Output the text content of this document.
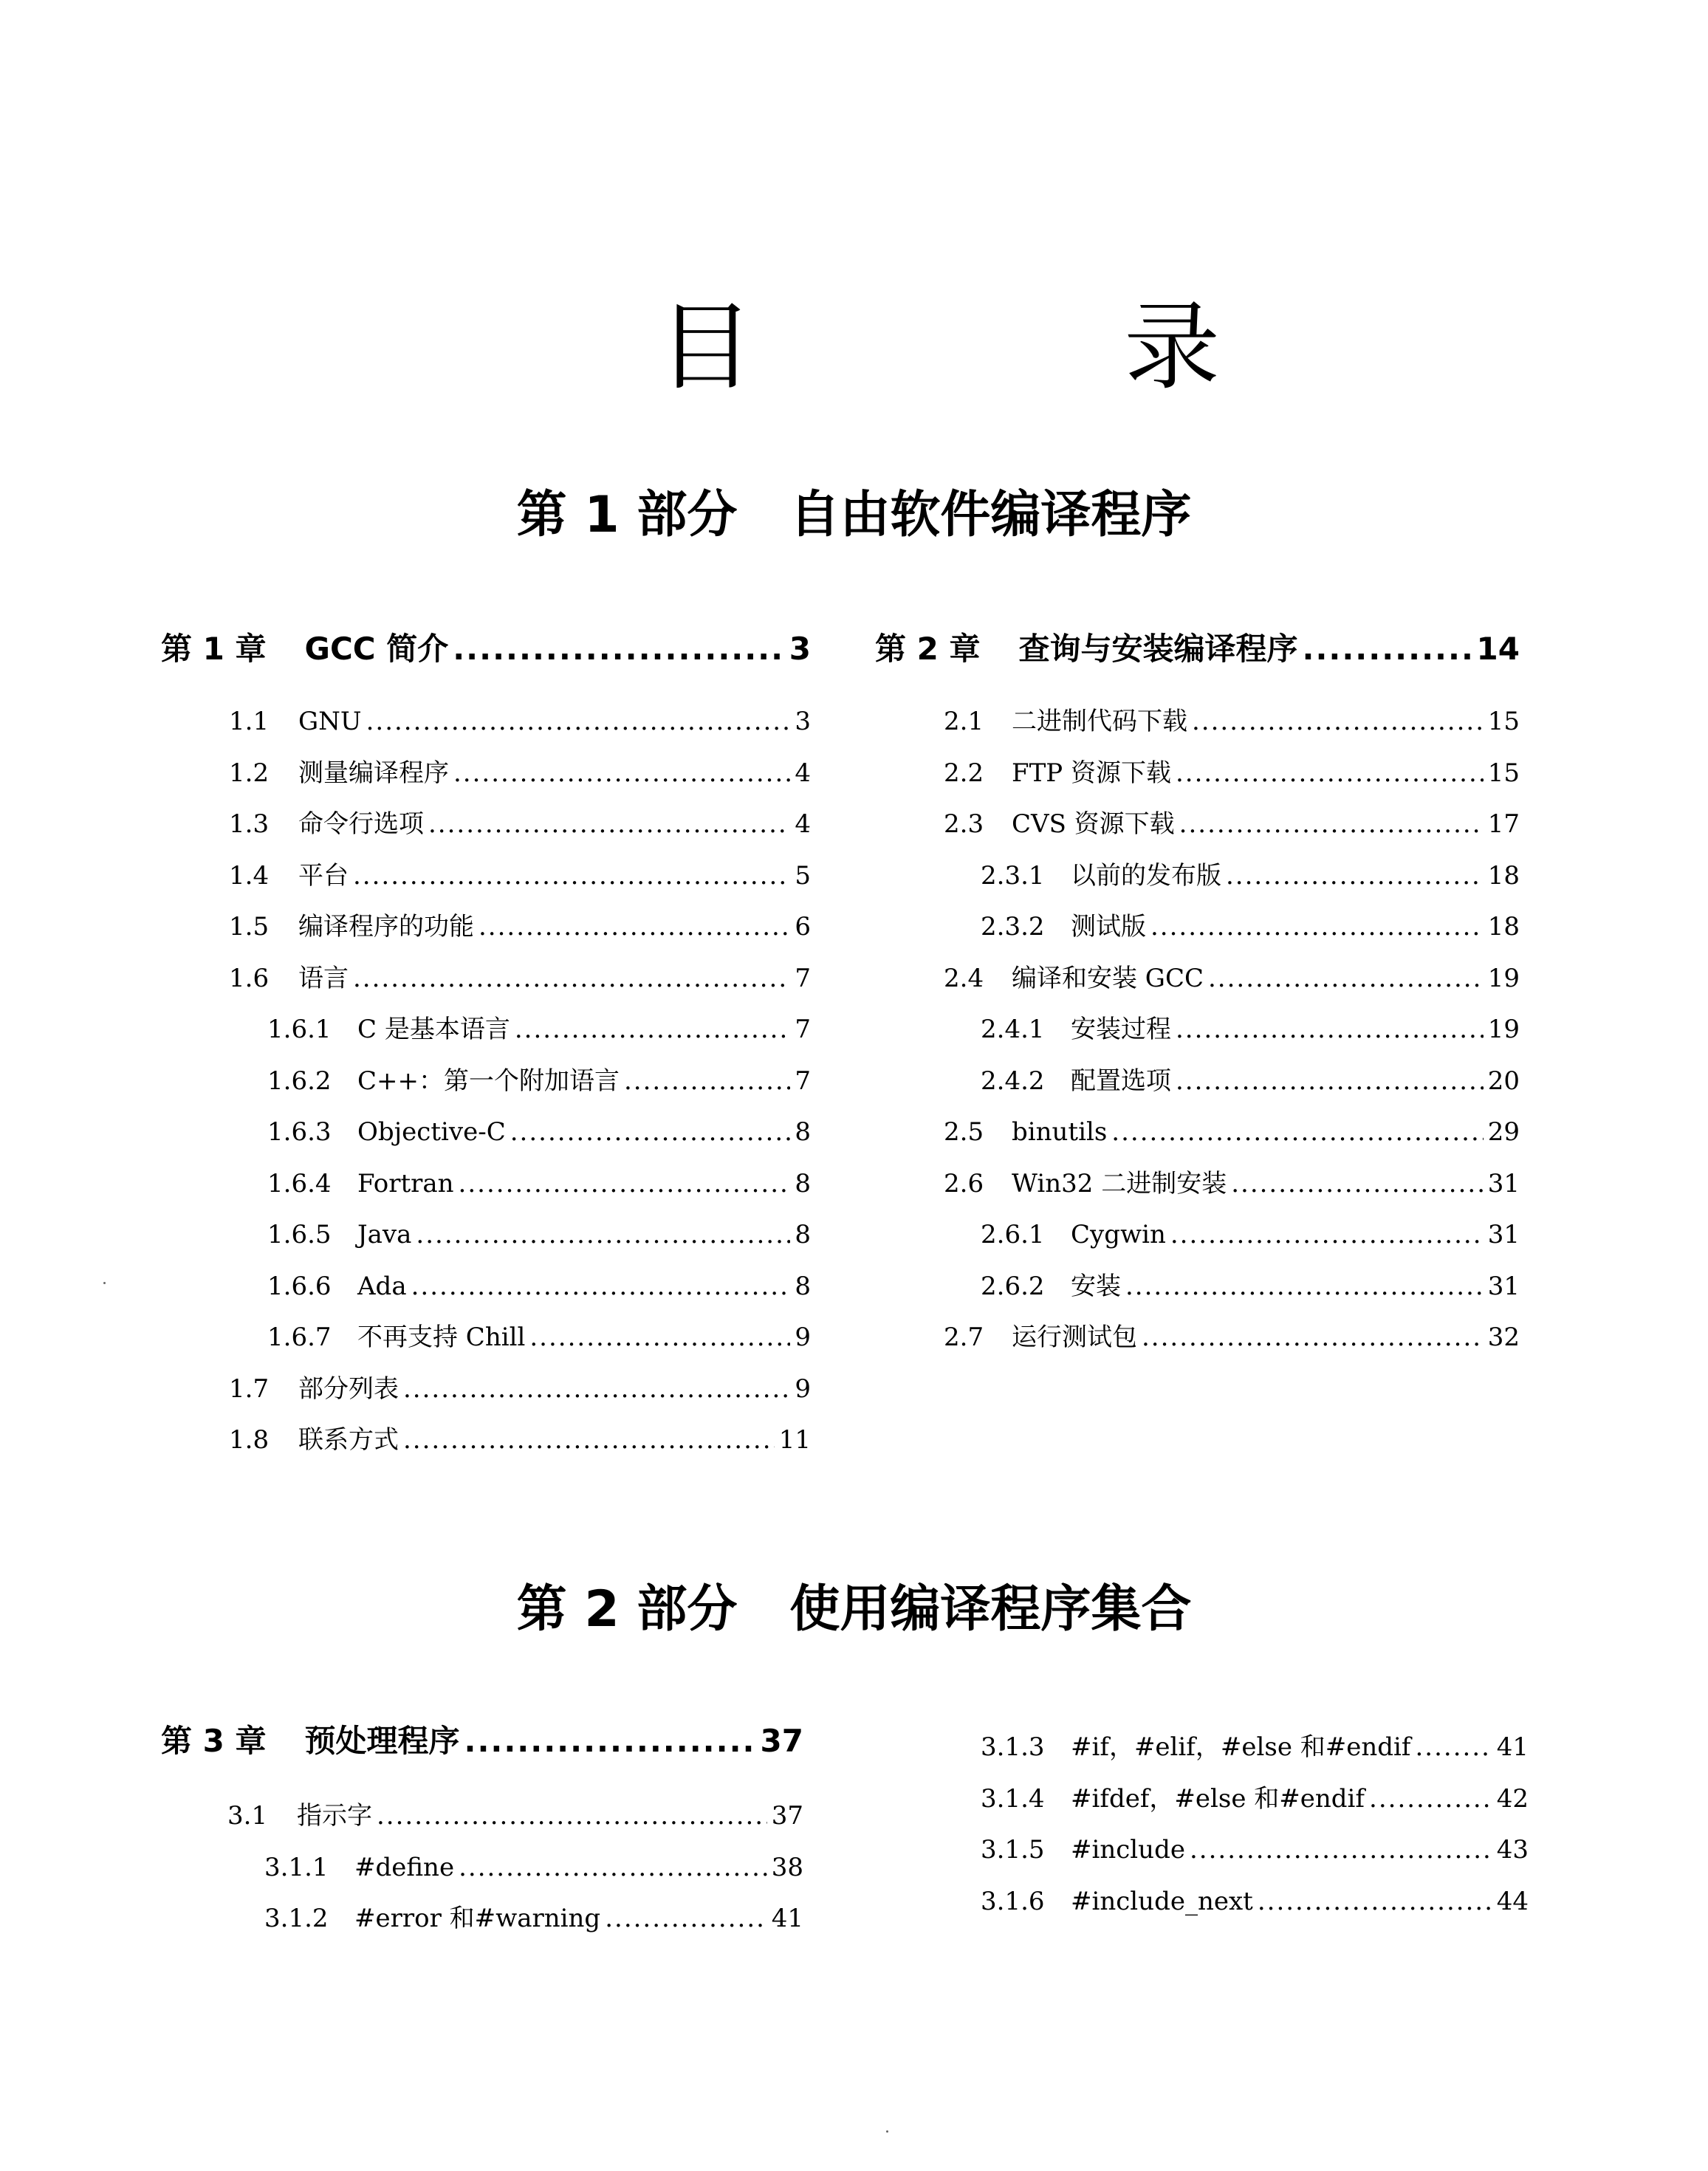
目 录
第 1 部分   自由软件编译程序
第 1 章 GCC 简介 .....	3
1.1	GNU .....	3
1.2	测量编译程序 .....	4
1.3	命令行选项 .....	4
1.4	平台 .....	5
1.5	编译程序的功能 .....	6
1.6	语言 .....	7
1.6.1	C 是基本语言 .....	7
1.6.2	C++：第一个附加语言 .....	7
1.6.3	Objective-C .....	8
1.6.4	Fortran .....	8
1.6.5	Java .....	8
1.6.6	Ada .....	8
1.6.7	不再支持 Chill .....	9
1.7	部分列表 .....	9
1.8	联系方式 .....	11
第 2 章 查询与安装编译程序 .....	14
2.1	二进制代码下载 .....	15
2.2	FTP 资源下载 .....	15
2.3	CVS 资源下载 .....	17
2.3.1	以前的发布版 .....	18
2.3.2	测试版 .....	18
2.4	编译和安装 GCC .....	19
2.4.1	安装过程 .....	19
2.4.2	配置选项 .....	20
2.5	binutils .....	29
2.6	Win32 二进制安装 .....	31
2.6.1	Cygwin .....	31
2.6.2	安装 .....	31
2.7	运行测试包 .....	32
第 2 部分   使用编译程序集合
第 3 章 预处理程序 .....	37
3.1	指示字 .....	37
3.1.1	#define .....	38
3.1.2	#error 和#warning .....	41
3.1.3	#if，#elif，#else 和#endif .....	41
3.1.4	#ifdef，#else 和#endif .....	42
3.1.5	#include .....	43
3.1.6	#include_next .....	44
